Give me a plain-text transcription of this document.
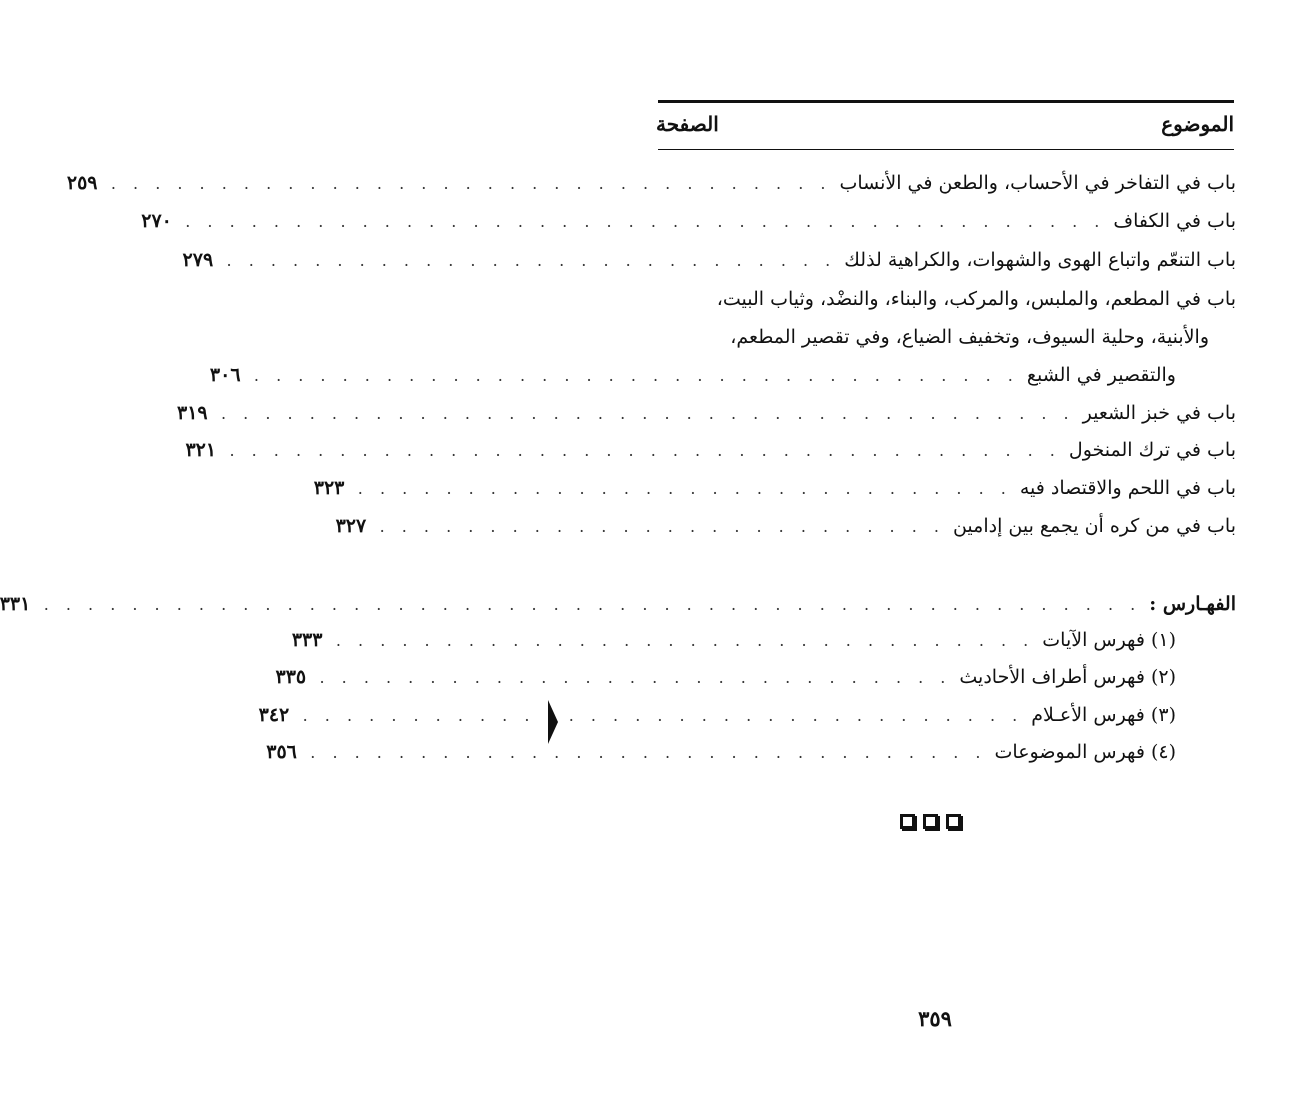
الموضوع
الصفحة
باب في التفاخر في الأحساب، والطعن في الأنساب
. . . . . . . . . . . . . . . . . . . . . . . . . . . . . . . . .
٢٥٩
باب في الكفاف
. . . . . . . . . . . . . . . . . . . . . . . . . . . . . . . . . . . . . . . . . .
٢٧٠
باب التنعّم واتباع الهوى والشهوات، والكراهية لذلك
. . . . . . . . . . . . . . . . . . . . . . . . . . . .
٢٧٩
باب في المطعم، والملبس، والمركب، والبناء، والنضْد، وثياب البيت،
والأبنية، وحلية السيوف، وتخفيف الضياع، وفي تقصير المطعم،
والتقصير في الشبع
. . . . . . . . . . . . . . . . . . . . . . . . . . . . . . . . . . .
٣٠٦
باب في خبز الشعير
. . . . . . . . . . . . . . . . . . . . . . . . . . . . . . . . . . . . . . .
٣١٩
باب في ترك المنخول
. . . . . . . . . . . . . . . . . . . . . . . . . . . . . . . . . . . . . .
٣٢١
باب في اللحم والاقتصاد فيه
. . . . . . . . . . . . . . . . . . . . . . . . . . . . . .
٣٢٣
باب في من كره أن يجمع بين إدامين
. . . . . . . . . . . . . . . . . . . . . . . . . .
٣٢٧
الفهـارس :
. . . . . . . . . . . . . . . . . . . . . . . . . . . . . . . . . . . . . . . . . . . . . . . . . .
٣٣١
(١) فهرس الآيات
. . . . . . . . . . . . . . . . . . . . . . . . . . . . . . . .
٣٣٣
(٢) فهرس أطراف الأحاديث
. . . . . . . . . . . . . . . . . . . . . . . . . . . . .
٣٣٥
(٣) فهرس الأعـلام
. . . . . . . . . . . . . . . . . . . . . . . . . . . . . . . . .
٣٤٢
(٤) فهرس الموضوعات
. . . . . . . . . . . . . . . . . . . . . . . . . . . . . . .
٣٥٦
٣٥٩
